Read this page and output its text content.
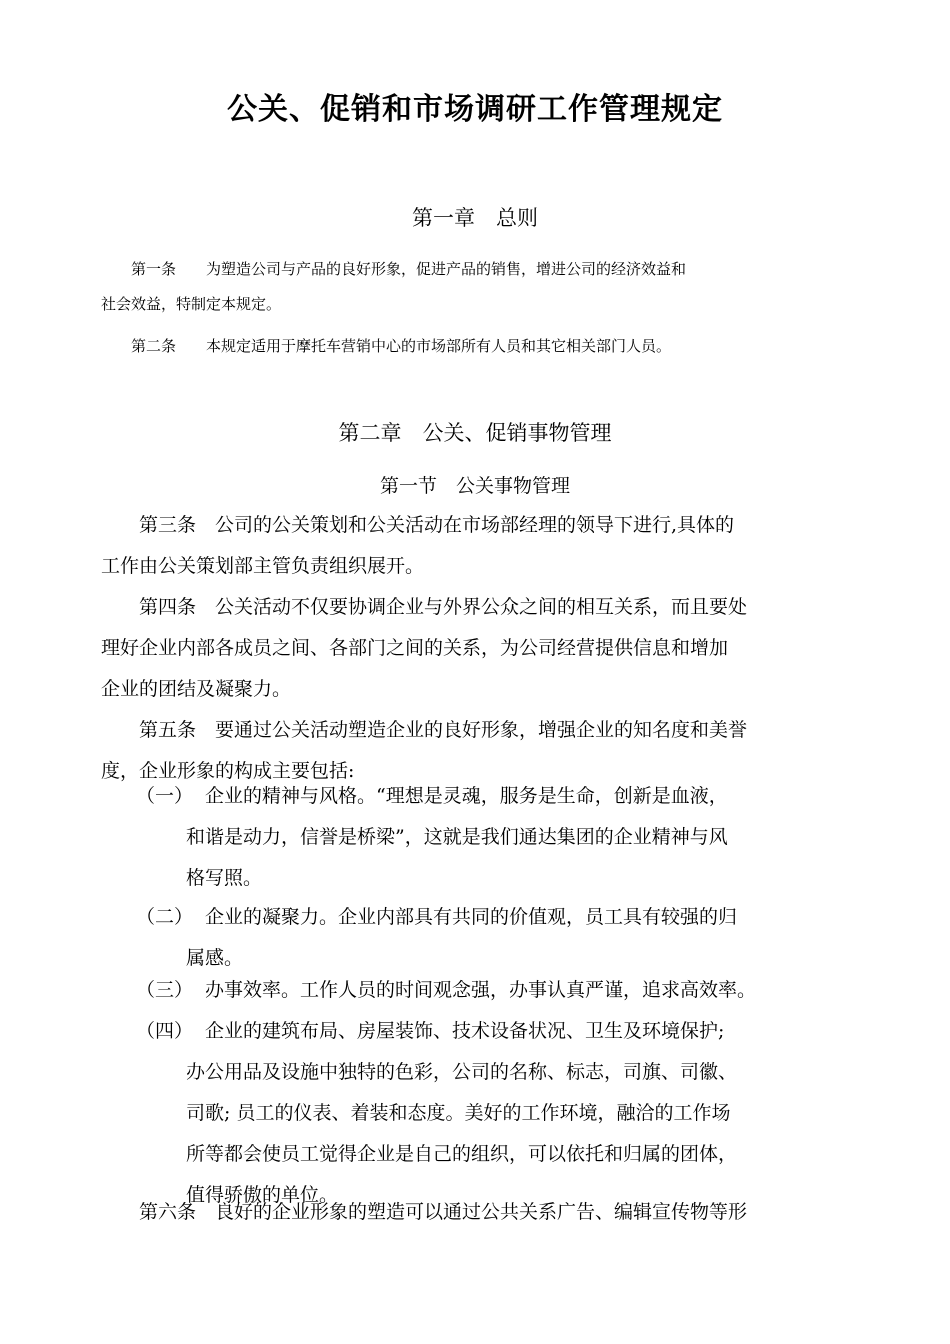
公关、促销和市场调研工作管理规定
第一章　总则

　　第一条　　为塑造公司与产品的良好形象，促进产品的销售，增进公司的经济效益和
社会效益，特制定本规定。

　　第二条　　本规定适用于摩托车营销中心的市场部所有人员和其它相关部门人员。

第二章　公关、促销事物管理
第一节　公关事物管理

　　第三条　公司的公关策划和公关活动在市场部经理的领导下进行,具体的
工作由公关策划部主管负责组织展开。

　　第四条　公关活动不仅要协调企业与外界公众之间的相互关系，而且要处
理好企业内部各成员之间、各部门之间的关系，为公司经营提供信息和增加
企业的团结及凝聚力。

　　第五条　要通过公关活动塑造企业的良好形象，增强企业的知名度和美誉
度，企业形象的构成主要包括:

（一） 　企业的精神与风格。“理想是灵魂，服务是生命，创新是血液，
和谐是动力，信誉是桥梁”，这就是我们通达集团的企业精神与风
格写照。
（二） 　企业的凝聚力。企业内部具有共同的价值观，员工具有较强的归
属感。
（三）
　办事效率。工作人员的时间观念强，办事认真严谨，追求高效率。
（四） 　企业的建筑布局、房屋装饰、技术设备状况、卫生及环境保护;
办公用品及设施中独特的色彩，公司的名称、标志，司旗、司徽、
司歌; 员工的仪表、着装和态度。美好的工作环境，融洽的工作场
所等都会使员工觉得企业是自己的组织，可以依托和归属的团体，
值得骄傲的单位。

　　第六条　良好的企业形象的塑造可以通过公共关系广告、编辑宣传物等形
